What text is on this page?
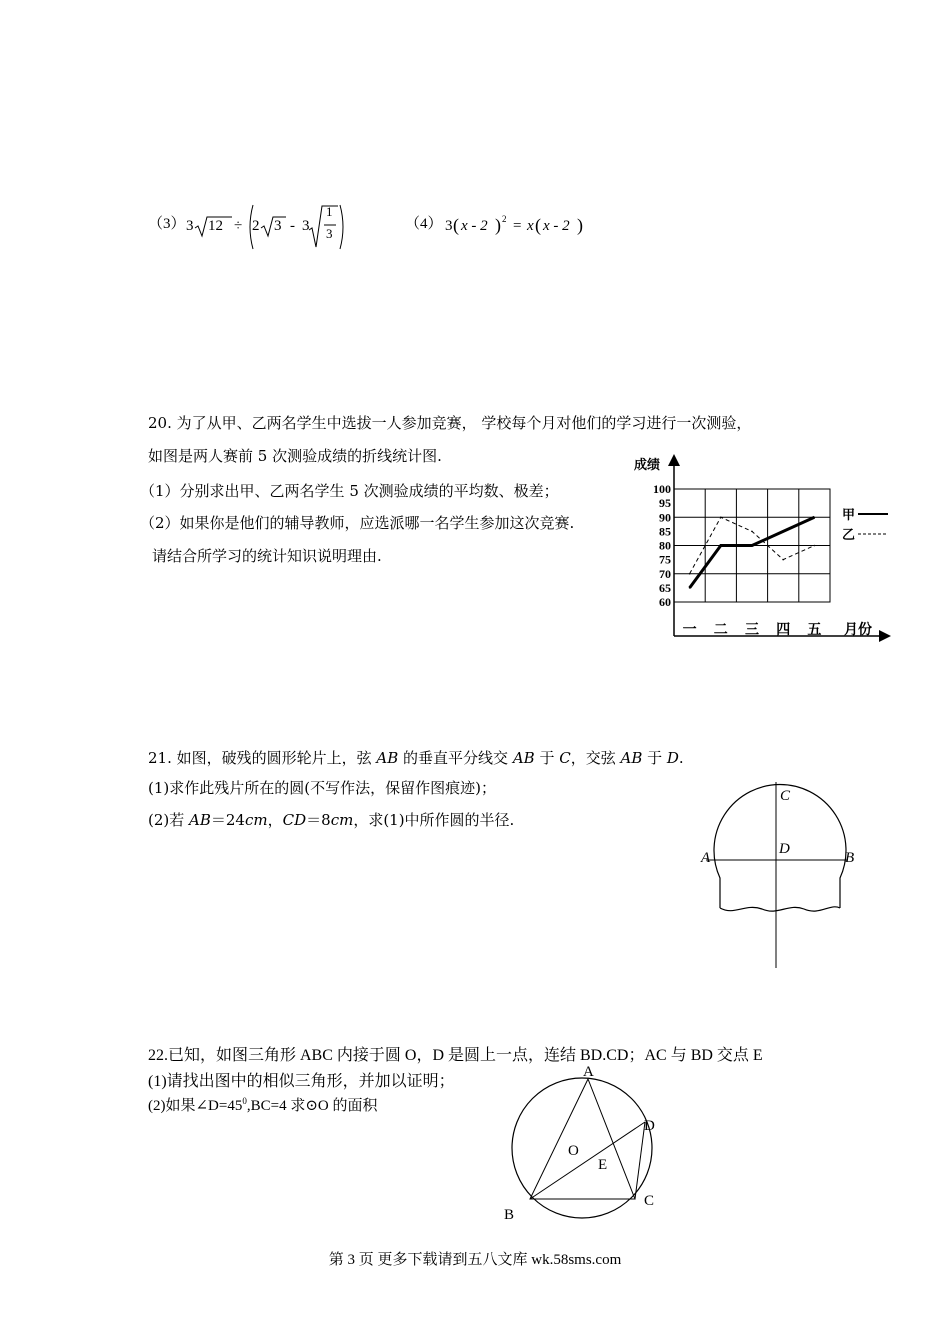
（3） 3 12 ÷ 2 3 - 3
1
3
（4） 3 ( x - 2 ) 2 = x ( x - 2 )
20. 为了从甲、乙两名学生中选拔一人参加竞赛， 学校每个月对他们的学习进行一次测验，
如图是两人赛前 5 次测验成绩的折线统计图.
（1）分别求出甲、乙两名学生 5 次测验成绩的平均数、极差；
（2）如果你是他们的辅导教师，应选派哪一名学生参加这次竞赛.
请结合所学习的统计知识说明理由.
100
95
90
85
80
75
70
65
60
成绩
一 二 三 四 五 月份
甲
乙
21. 如图，破残的圆形轮片上，弦 AB 的垂直平分线交 AB 于 C，交弦 AB 于 D.
(1)求作此残片所在的圆(不写作法，保留作图痕迹)；
(2)若 AB＝24cm，CD＝8cm，求(1)中所作圆的半径.
C
D
A	B
22.已知，如图三角形 ABC 内接于圆 O，D 是圆上一点，连结 BD.CD；AC 与 BD 交点 E
(1)请找出图中的相似三角形，并加以证明；
(2)如果$\angle D=45^0,BC=4$ 求⊙O 的面积
A
B
C
D
E
O
第 3 页 更多下载请到五八文库 wk.58sms.com
